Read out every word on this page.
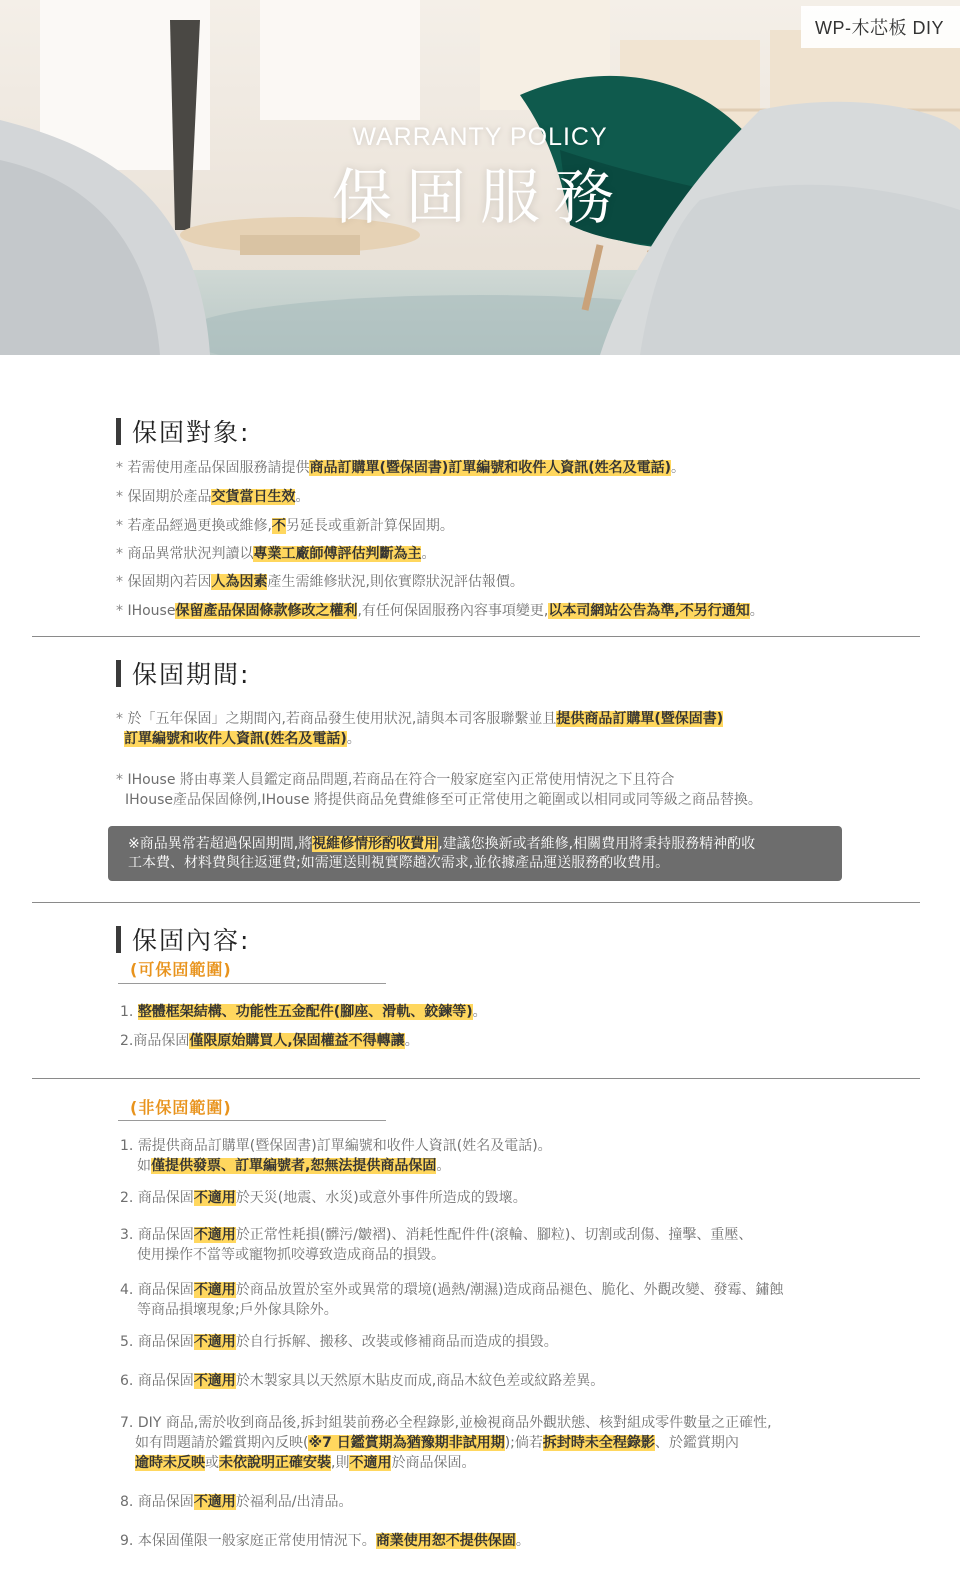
WP-木芯板 DIY
WARRANTY POLICY
保固服務
保固對象:
* 若需使用產品保固服務請提供商品訂購單(暨保固書)訂單編號和收件人資訊(姓名及電話)。
* 保固期於產品交貨當日生效。
* 若產品經過更換或維修,不另延長或重新計算保固期。
* 商品異常狀況判讀以專業工廠師傅評估判斷為主。
* 保固期內若因人為因素產生需維修狀況,則依實際狀況評估報價。
* IHouse保留產品保固條款修改之權利,有任何保固服務內容事項變更,以本司網站公告為準,不另行通知。
保固期間:
* 於「五年保固」之期間內,若商品發生使用狀況,請與本司客服聯繫並且提供商品訂購單(暨保固書)
訂單編號和收件人資訊(姓名及電話)。
* IHouse 將由專業人員鑑定商品問題,若商品在符合一般家庭室內正常使用情況之下且符合
IHouse產品保固條例,IHouse 將提供商品免費維修至可正常使用之範圍或以相同或同等級之商品替換。
※商品異常若超過保固期間,將視維修情形酌收費用,建議您換新或者維修,相關費用將秉持服務精神酌收
工本費、材料費與往返運費;如需運送則視實際趟次需求,並依據產品運送服務酌收費用。
保固內容:
(可保固範圍)
1. 整體框架結構、功能性五金配件(腳座、滑軌、鉸鍊等)。
2.商品保固僅限原始購買人,保固權益不得轉讓。
(非保固範圍)
1. 需提供商品訂購單(暨保固書)訂單編號和收件人資訊(姓名及電話)。
如僅提供發票、訂單編號者,恕無法提供商品保固。
2. 商品保固不適用於天災(地震、水災)或意外事件所造成的毀壞。
3. 商品保固不適用於正常性耗損(髒污/皺褶)、消耗性配件件(滾輪、腳粒)、切割或刮傷、撞擊、重壓、
使用操作不當等或寵物抓咬導致造成商品的損毀。
4. 商品保固不適用於商品放置於室外或異常的環境(過熱/潮濕)造成商品褪色、脆化、外觀改變、發霉、鏽蝕
等商品損壞現象;戶外傢具除外。
5. 商品保固不適用於自行拆解、搬移、改裝或修補商品而造成的損毀。
6. 商品保固不適用於木製家具以天然原木貼皮而成,商品木紋色差或紋路差異。
7. DIY 商品,需於收到商品後,拆封組裝前務必全程錄影,並檢視商品外觀狀態、核對組成零件數量之正確性,
如有問題請於鑑賞期內反映(※7 日鑑賞期為猶豫期非試用期);倘若拆封時未全程錄影、於鑑賞期內
逾時未反映或未依說明正確安裝,則不適用於商品保固。
8. 商品保固不適用於福利品/出清品。
9. 本保固僅限一般家庭正常使用情況下。商業使用恕不提供保固。
